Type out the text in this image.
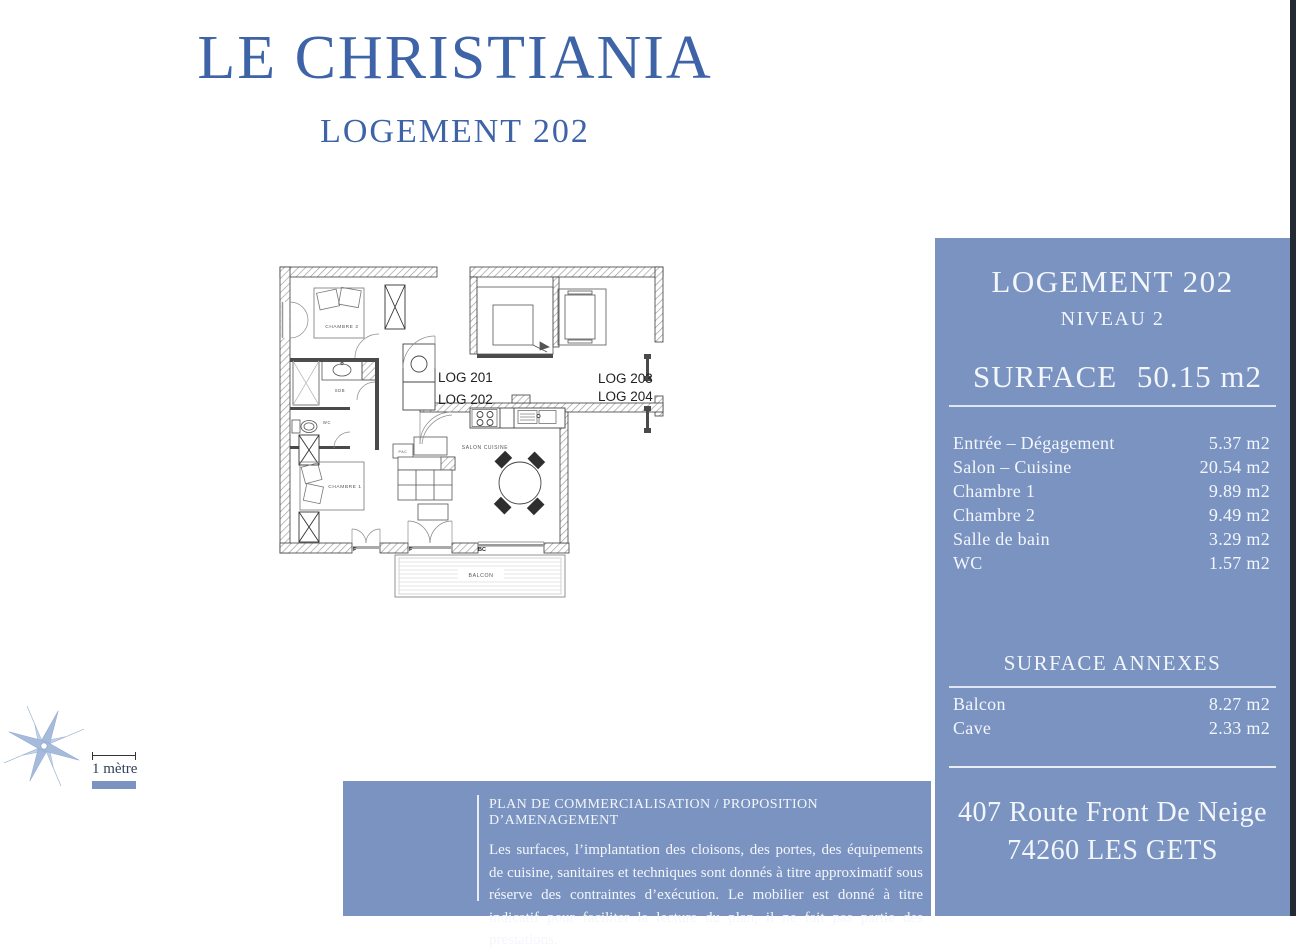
LE CHRISTIANIA
LOGEMENT 202
BALCON
CHAMBRE 2
SDB
WC
CHAMBRE 1
PAC
SALON CUISINE
LOG 201
LOG 202
LOG 203
LOG 204
F	F	BC
1 mètre
LOGEMENT 202
NIVEAU 2
SURFACE 50.15 m2
Entrée – Dégagement	5.37 m2
Salon – Cuisine	20.54 m2
Chambre 1	9.89 m2
Chambre 2	9.49 m2
Salle de bain	3.29 m2
WC	1.57 m2
SURFACE ANNEXES
Balcon	8.27 m2
Cave	2.33 m2
407 Route Front De Neige
74260 LES GETS
PLAN DE COMMERCIALISATION / PROPOSITION D’AMENAGEMENT
Les surfaces, l’implantation des cloisons, des portes, des équipements de cuisine, sanitaires et techniques sont donnés à titre approximatif sous réserve des contraintes d’exécution. Le mobilier est donné à titre indicatif pour faciliter la lecture du plan, il ne fait pas partie des prestations.
